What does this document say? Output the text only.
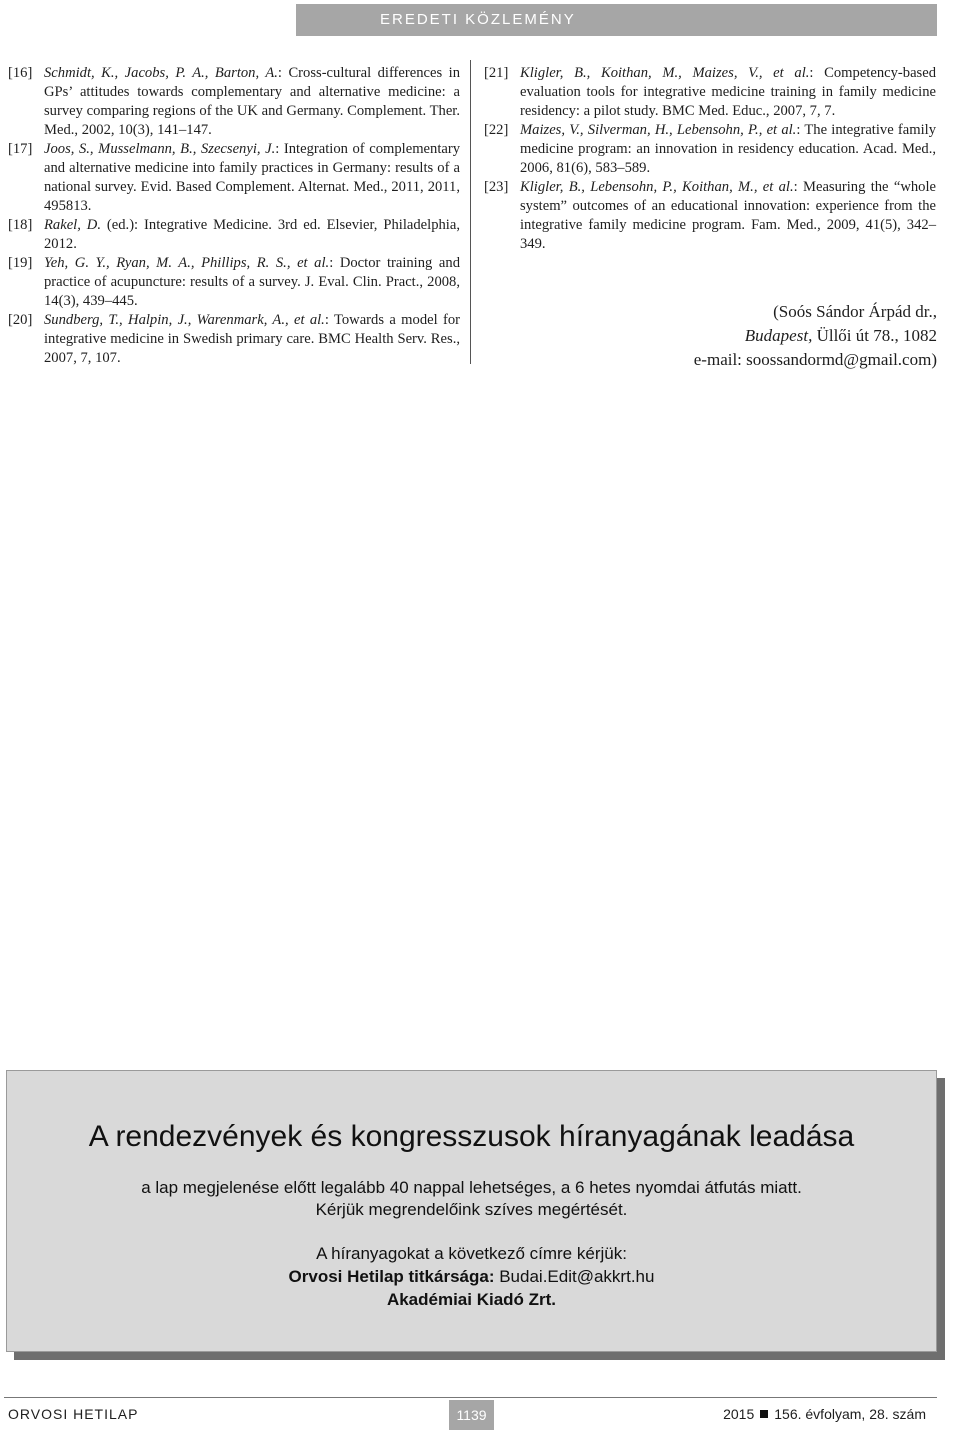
EREDETI KÖZLEMÉNY
[16] Schmidt, K., Jacobs, P. A., Barton, A.: Cross-cultural differences in GPs’ attitudes towards complementary and alternative medicine: a survey comparing regions of the UK and Germany. Complement. Ther. Med., 2002, 10(3), 141–147.
[17] Joos, S., Musselmann, B., Szecsenyi, J.: Integration of complementary and alternative medicine into family practices in Germany: results of a national survey. Evid. Based Complement. Alternat. Med., 2011, 2011, 495813.
[18] Rakel, D. (ed.): Integrative Medicine. 3rd ed. Elsevier, Philadelphia, 2012.
[19] Yeh, G. Y., Ryan, M. A., Phillips, R. S., et al.: Doctor training and practice of acupuncture: results of a survey. J. Eval. Clin. Pract., 2008, 14(3), 439–445.
[20] Sundberg, T., Halpin, J., Warenmark, A., et al.: Towards a model for integrative medicine in Swedish primary care. BMC Health Serv. Res., 2007, 7, 107.
[21] Kligler, B., Koithan, M., Maizes, V., et al.: Competency-based evaluation tools for integrative medicine training in family medicine residency: a pilot study. BMC Med. Educ., 2007, 7, 7.
[22] Maizes, V., Silverman, H., Lebensohn, P., et al.: The integrative family medicine program: an innovation in residency education. Acad. Med., 2006, 81(6), 583–589.
[23] Kligler, B., Lebensohn, P., Koithan, M., et al.: Measuring the “whole system” outcomes of an educational innovation: experience from the integrative family medicine program. Fam. Med., 2009, 41(5), 342–349.
(Soós Sándor Árpád dr.,
Budapest, Üllői út 78., 1082
e-mail: soossandormd@gmail.com)
A rendezvények és kongresszusok híranyagának leadása
a lap megjelenése előtt legalább 40 nappal lehetséges, a 6 hetes nyomdai átfutás miatt.
Kérjük megrendelőink szíves megértését.
A híranyagokat a következő címre kérjük:
Orvosi Hetilap titkársága: Budai.Edit@akkrt.hu
Akadémiai Kiadó Zrt.
ORVOSI HETILAP	1139	2015 156. évfolyam, 28. szám
